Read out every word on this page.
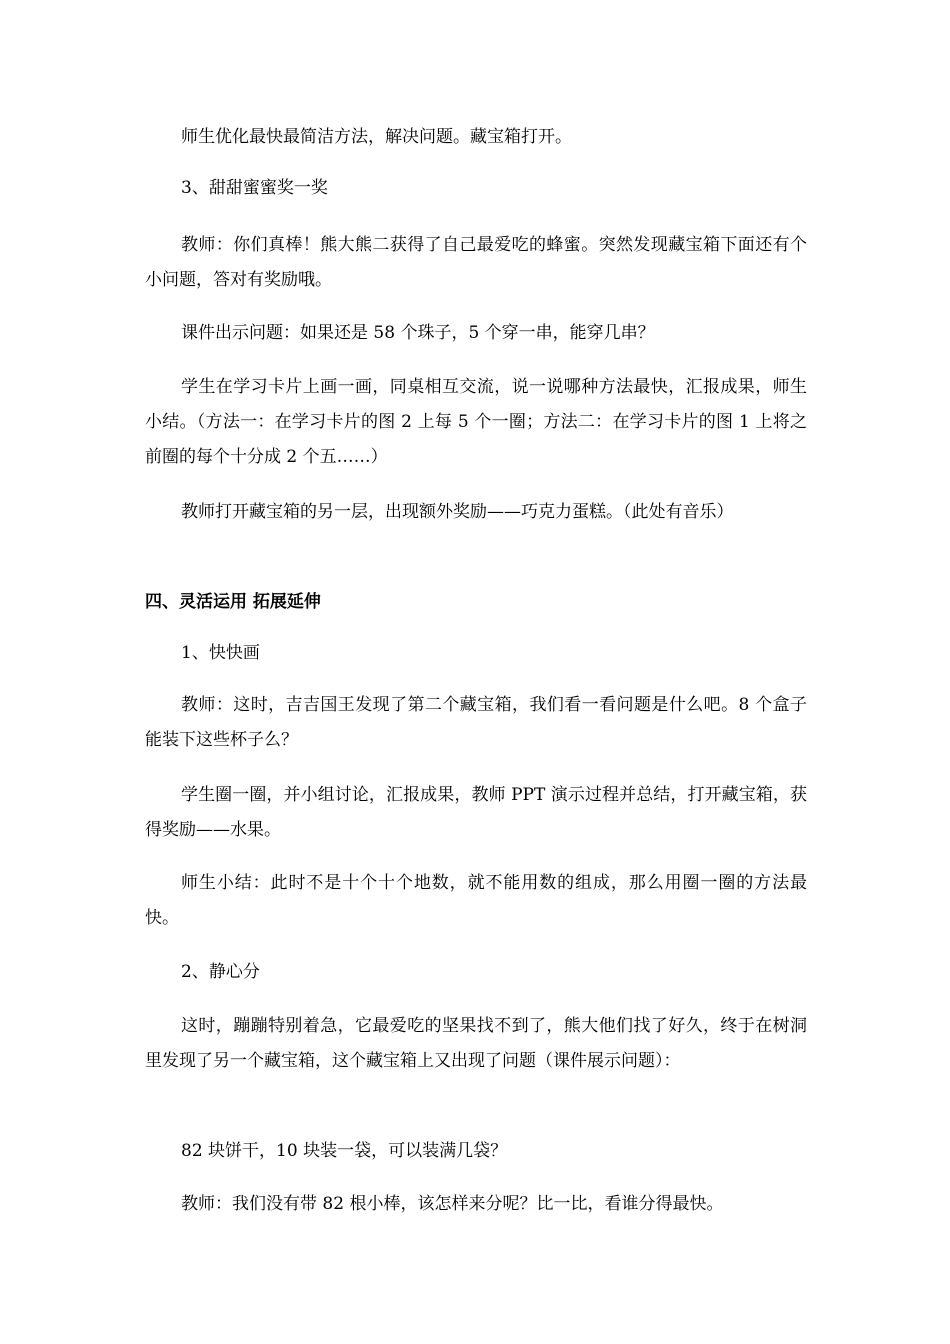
师生优化最快最简洁方法，解决问题。藏宝箱打开。

3、甜甜蜜蜜奖一奖

教师：你们真棒！熊大熊二获得了自己最爱吃的蜂蜜。突然发现藏宝箱下面还有个小问题，答对有奖励哦。

课件出示问题：如果还是 58 个珠子，5 个穿一串，能穿几串？

学生在学习卡片上画一画，同桌相互交流，说一说哪种方法最快，汇报成果，师生小结。（方法一：在学习卡片的图 2 上每 5 个一圈；方法二：在学习卡片的图 1 上将之前圈的每个十分成 2 个五……）

教师打开藏宝箱的另一层，出现额外奖励——巧克力蛋糕。（此处有音乐）

四、灵活运用 拓展延伸

1、快快画

教师：这时，吉吉国王发现了第二个藏宝箱，我们看一看问题是什么吧。8 个盒子能装下这些杯子么？

学生圈一圈，并小组讨论，汇报成果，教师 PPT 演示过程并总结，打开藏宝箱，获得奖励——水果。

师生小结：此时不是十个十个地数，就不能用数的组成，那么用圈一圈的方法最快。

2、静心分

这时，蹦蹦特别着急，它最爱吃的坚果找不到了，熊大他们找了好久，终于在树洞里发现了另一个藏宝箱，这个藏宝箱上又出现了问题（课件展示问题）：

82 块饼干，10 块装一袋，可以装满几袋？

教师：我们没有带 82 根小棒，该怎样来分呢？比一比，看谁分得最快。
